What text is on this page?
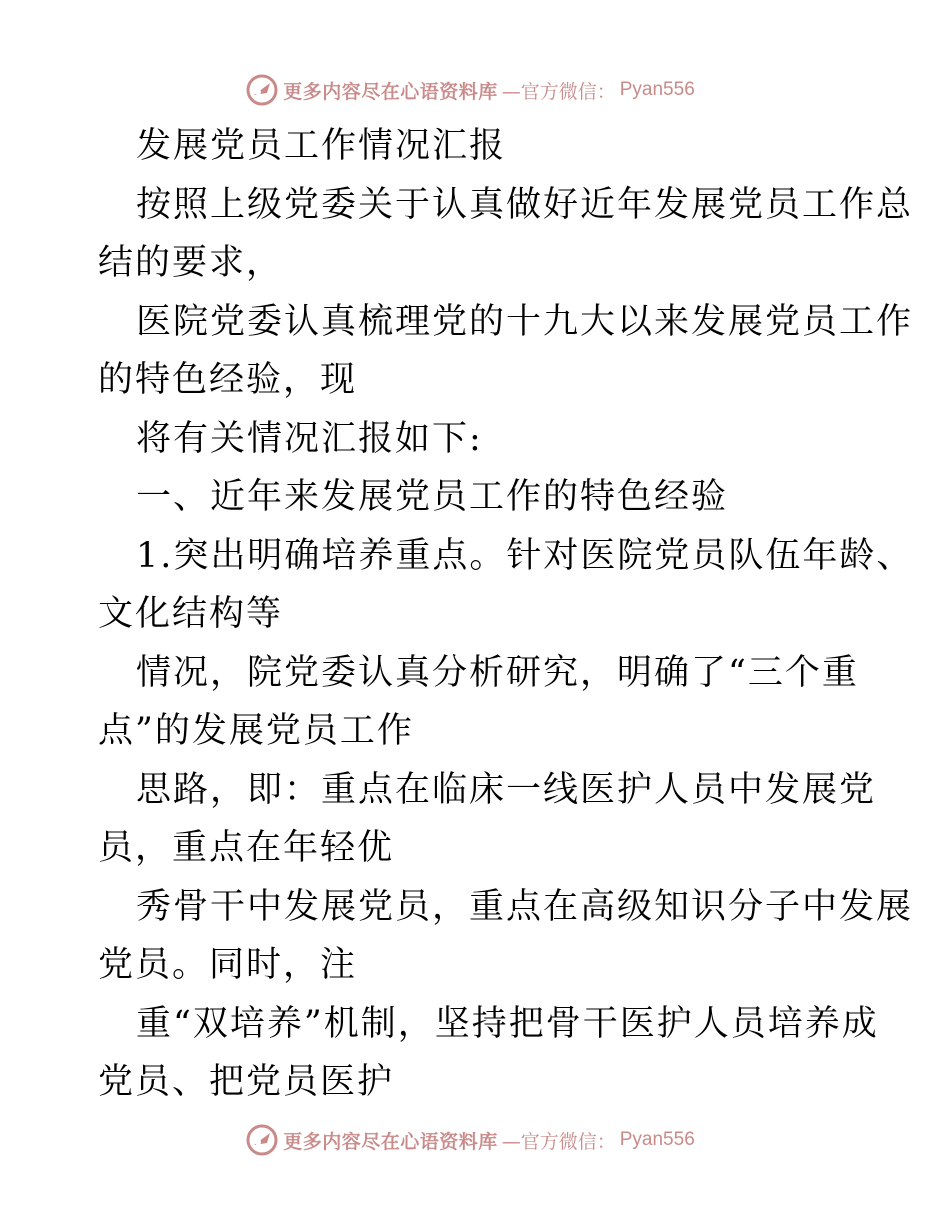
更多内容尽在心语资料库 —官方微信： Pyan556
发展党员工作情况汇报
按照上级党委关于认真做好近年发展党员工作总
结的要求，
医院党委认真梳理党的十九大以来发展党员工作
的特色经验，现
将有关情况汇报如下:
一、近年来发展党员工作的特色经验
1.突出明确培养重点。针对医院党员队伍年龄、
文化结构等
情况，院党委认真分析研究，明确了“三个重
点”的发展党员工作
思路，即：重点在临床一线医护人员中发展党
员，重点在年轻优
秀骨干中发展党员，重点在高级知识分子中发展
党员。同时，注
重“双培养”机制，坚持把骨干医护人员培养成
党员、把党员医护
更多内容尽在心语资料库 —官方微信： Pyan556
